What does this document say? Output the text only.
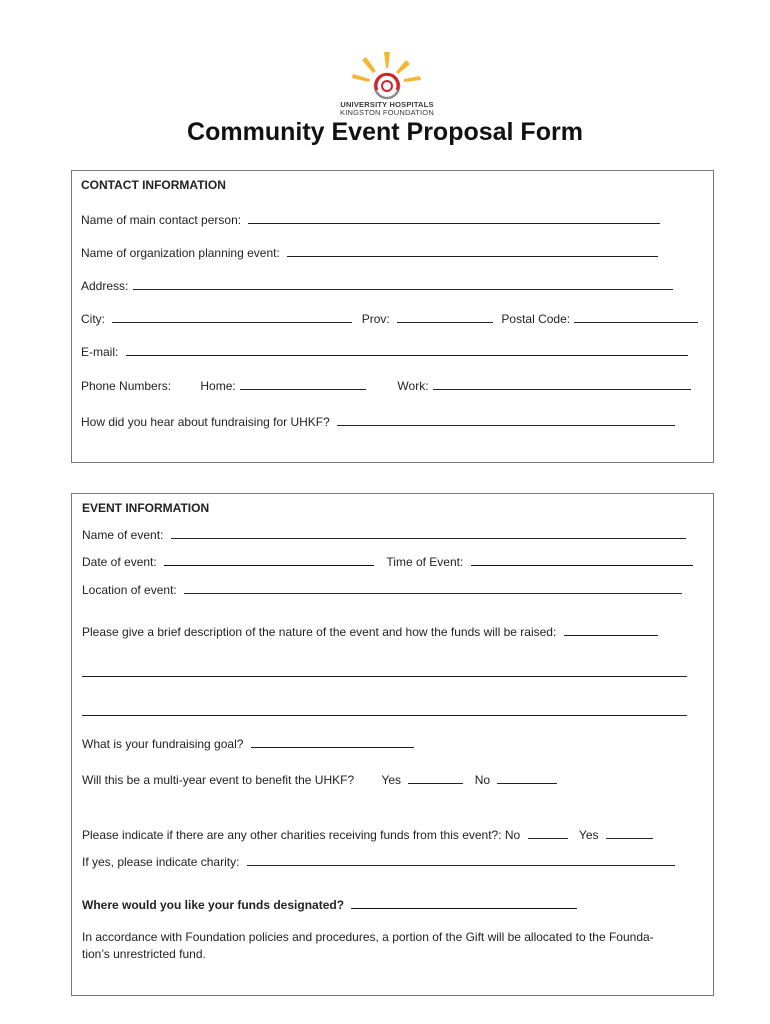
UNIVERSITY HOSPITALS
KINGSTON FOUNDATION
Community Event Proposal Form
CONTACT INFORMATION
Name of main contact person:
Name of organization planning event:
Address:
City:	Prov:	Postal Code:
E-mail:
Phone Numbers: Home:	Work:
How did you hear about fundraising for UHKF?
EVENT INFORMATION
Name of event:
Date of event:	Time of Event:
Location of event:
Please give a brief description of the nature of the event and how the funds will be raised:
What is your fundraising goal?
Will this be a multi-year event to benefit the UHKF? Yes	No
Please indicate if there are any other charities receiving funds from this event?: No	Yes
If yes, please indicate charity:
Where would you like your funds designated?
In accordance with Foundation policies and procedures, a portion of the Gift will be allocated to the Founda-
tion’s unrestricted fund.
